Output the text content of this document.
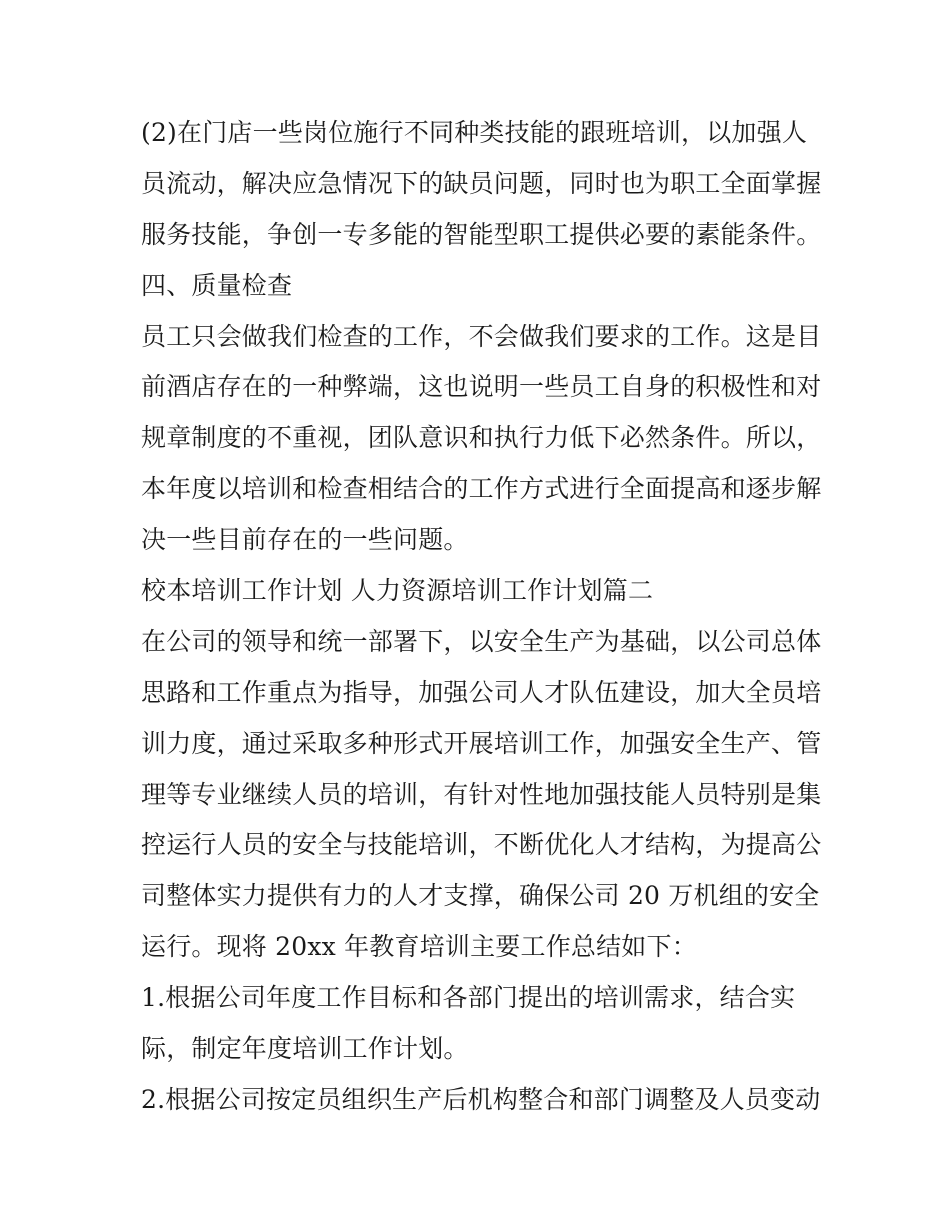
(2)在门店一些岗位施行不同种类技能的跟班培训，以加强人
员流动，解决应急情况下的缺员问题，同时也为职工全面掌握
服务技能，争创一专多能的智能型职工提供必要的素能条件。
四、质量检查
员工只会做我们检查的工作，不会做我们要求的工作。这是目
前酒店存在的一种弊端，这也说明一些员工自身的积极性和对
规章制度的不重视，团队意识和执行力低下必然条件。所以，
本年度以培训和检查相结合的工作方式进行全面提高和逐步解
决一些目前存在的一些问题。
校本培训工作计划 人力资源培训工作计划篇二
在公司的领导和统一部署下，以安全生产为基础，以公司总体
思路和工作重点为指导，加强公司人才队伍建设，加大全员培
训力度，通过采取多种形式开展培训工作，加强安全生产、管
理等专业继续人员的培训，有针对性地加强技能人员特别是集
控运行人员的安全与技能培训，不断优化人才结构，为提高公
司整体实力提供有力的人才支撑，确保公司 20 万机组的安全
运行。现将 20xx 年教育培训主要工作总结如下：
1.根据公司年度工作目标和各部门提出的培训需求，结合实
际，制定年度培训工作计划。
2.根据公司按定员组织生产后机构整合和部门调整及人员变动
